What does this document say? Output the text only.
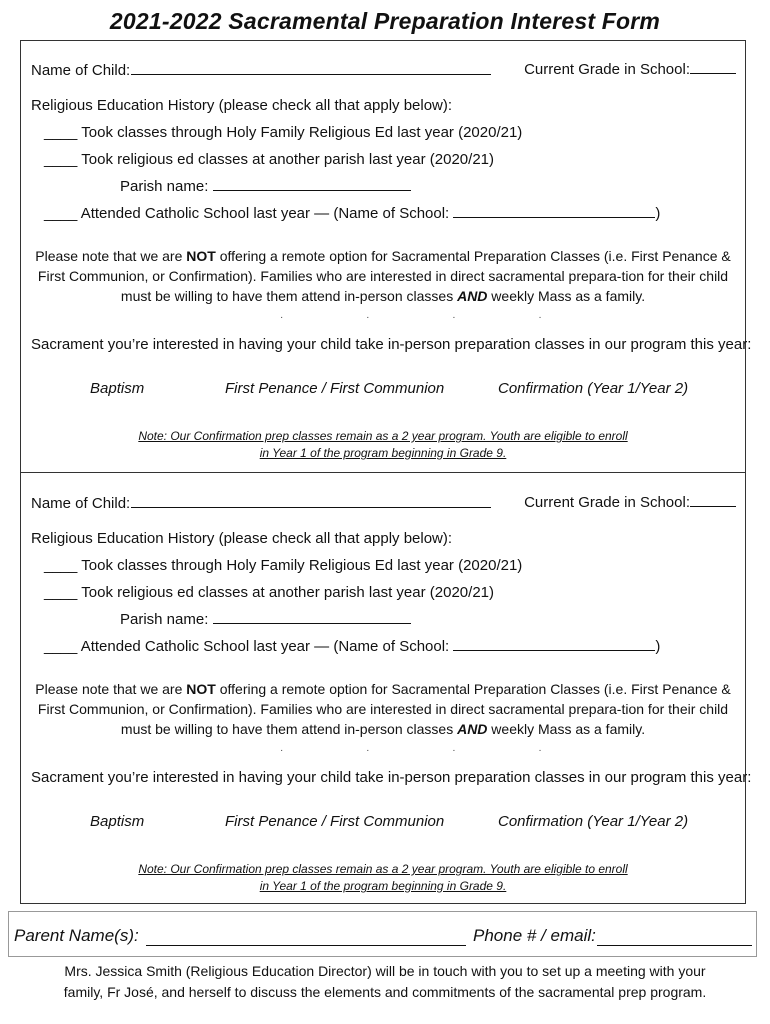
2021-2022 Sacramental Preparation Interest Form
Name of Child:	Current Grade in School:
Religious Education History (please check all that apply below):
____ Took classes through Holy Family Religious Ed last year (2020/21)
____ Took religious ed classes at another parish last year (2020/21)
Parish name:
____ Attended Catholic School last year — (Name of School:	)
Please note that we are NOT offering a remote option for Sacramental Preparation Classes (i.e. First Penance & First Communion, or Confirmation). Families who are interested in direct sacramental prepara-tion for their child must be willing to have them attend in-person classes AND weekly Mass as a family.
· · · ·
Sacrament you’re interested in having your child take in-person preparation classes in our program this year:
Baptism	First Penance / First Communion	Confirmation (Year 1/Year 2)
Note: Our Confirmation prep classes remain as a 2 year program. Youth are eligible to enroll
in Year 1 of the program beginning in Grade 9.
Name of Child:	Current Grade in School:
Religious Education History (please check all that apply below):
____ Took classes through Holy Family Religious Ed last year (2020/21)
____ Took religious ed classes at another parish last year (2020/21)
Parish name:
____ Attended Catholic School last year — (Name of School:	)
Please note that we are NOT offering a remote option for Sacramental Preparation Classes (i.e. First Penance & First Communion, or Confirmation). Families who are interested in direct sacramental prepara-tion for their child must be willing to have them attend in-person classes AND weekly Mass as a family.
· · · ·
Sacrament you’re interested in having your child take in-person preparation classes in our program this year:
Baptism	First Penance / First Communion	Confirmation (Year 1/Year 2)
Note: Our Confirmation prep classes remain as a 2 year program. Youth are eligible to enroll
in Year 1 of the program beginning in Grade 9.
Parent Name(s):	Phone # / email:
Mrs. Jessica Smith (Religious Education Director) will be in touch with you to set up a meeting with your
family, Fr José, and herself to discuss the elements and commitments of the sacramental prep program.
